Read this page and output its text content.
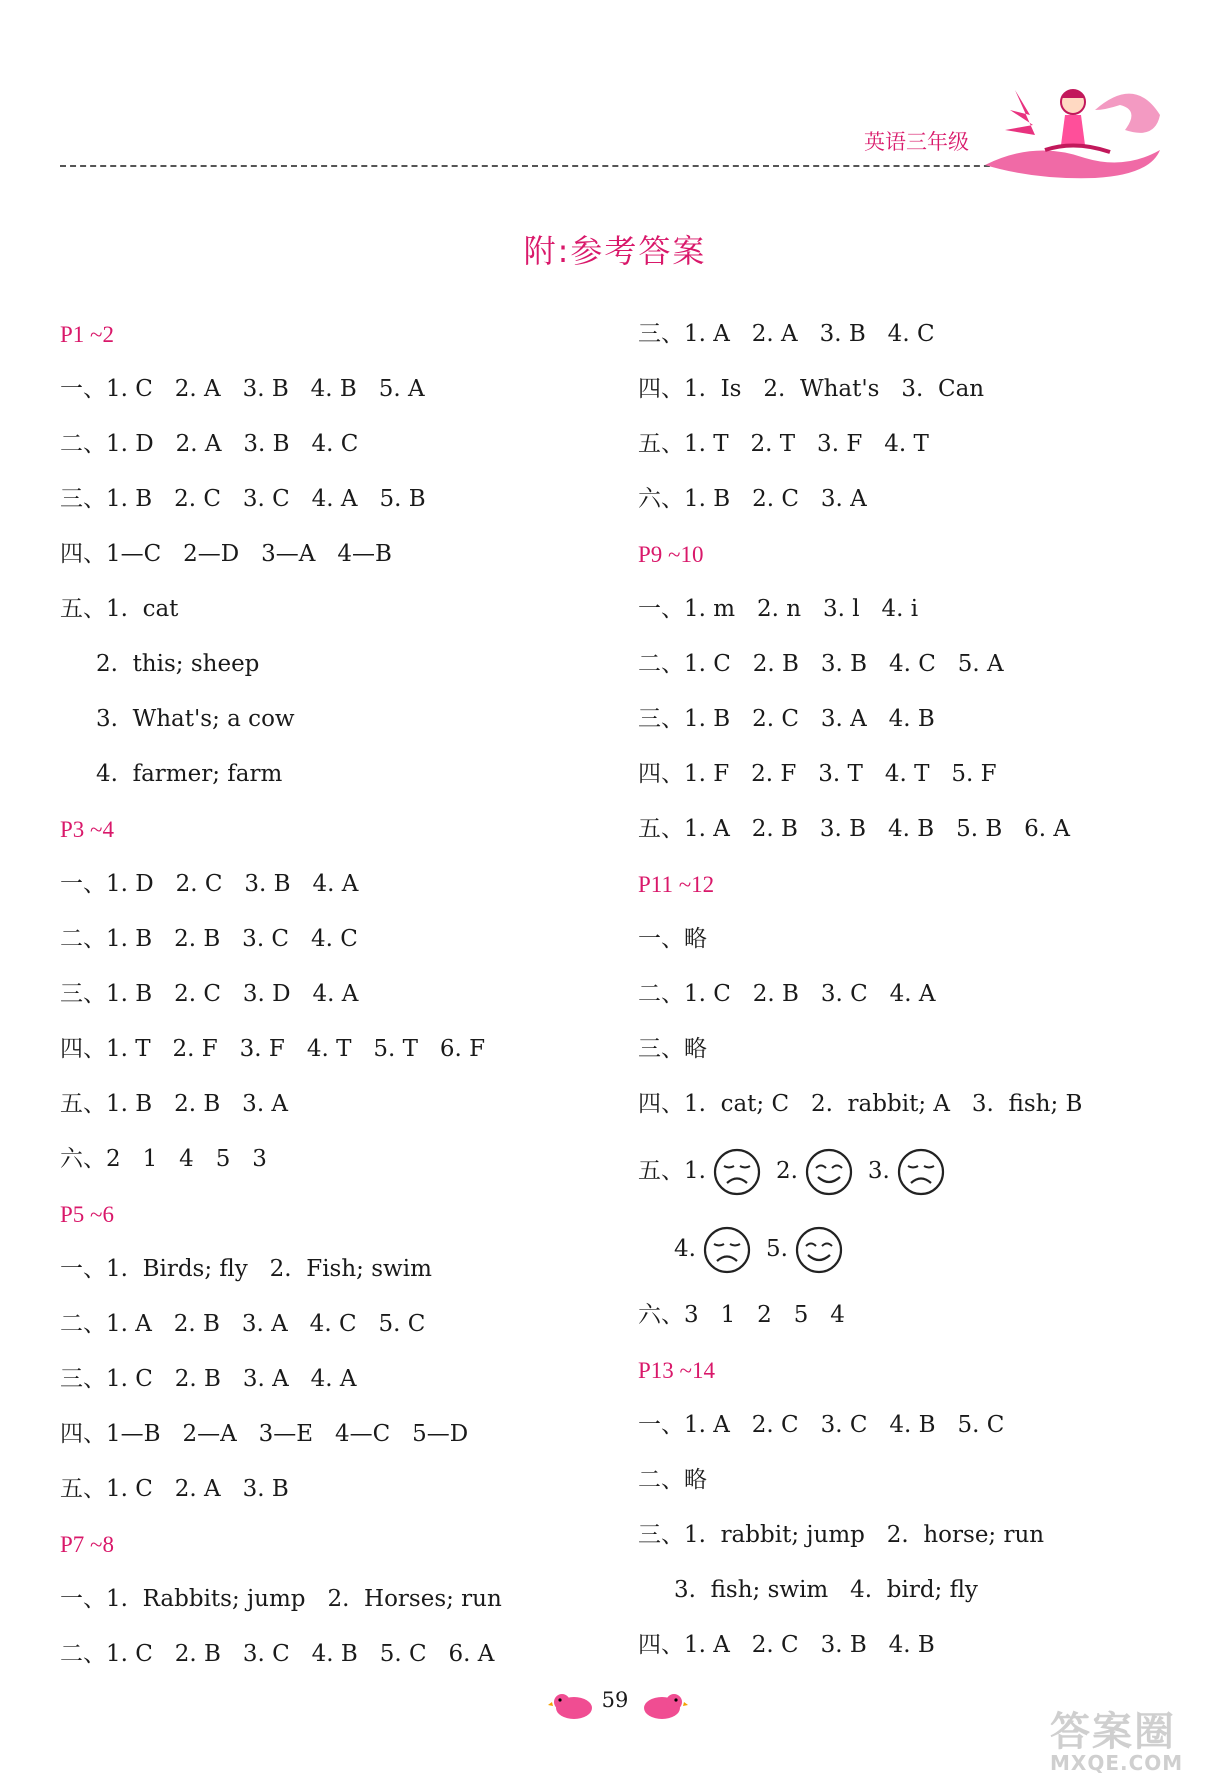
英语三年级
附:参考答案
P1 ~2
一、1. C   2. A   3. B   4. B   5. A
二、1. D   2. A   3. B   4. C
三、1. B   2. C   3. C   4. A   5. B
四、1—C   2—D   3—A   4—B
五、1.  cat
2.  this; sheep
3.  What's; a cow
4.  farmer; farm
P3 ~4
一、1. D   2. C   3. B   4. A
二、1. B   2. B   3. C   4. C
三、1. B   2. C   3. D   4. A
四、1. T   2. F   3. F   4. T   5. T   6. F
五、1. B   2. B   3. A
六、2   1   4   5   3
P5 ~6
一、1.  Birds; fly   2.  Fish; swim
二、1. A   2. B   3. A   4. C   5. C
三、1. C   2. B   3. A   4. A
四、1—B   2—A   3—E   4—C   5—D
五、1. C   2. A   3. B
P7 ~8
一、1.  Rabbits; jump   2.  Horses; run
二、1. C   2. B   3. C   4. B   5. C   6. A
三、1. A   2. A   3. B   4. C
四、1.  Is   2.  What's   3.  Can
五、1. T   2. T   3. F   4. T
六、1. B   2. C   3. A
P9 ~10
一、1. m   2. n   3. l   4. i
二、1. C   2. B   3. B   4. C   5. A
三、1. B   2. C   3. A   4. B
四、1. F   2. F   3. T   4. T   5. F
五、1. A   2. B   3. B   4. B   5. B   6. A
P11 ~12
一、略
二、1. C   2. B   3. C   4. A
三、略
四、1.  cat; C   2.  rabbit; A   3.  fish; B
五、1.	2.	3.
4.	5.
六、3   1   2   5   4
P13 ~14
一、1. A   2. C   3. C   4. B   5. C
二、略
三、1.  rabbit; jump   2.  horse; run
3.  fish; swim   4.  bird; fly
四、1. A   2. C   3. B   4. B
59
答案圈
MXQE.COM
